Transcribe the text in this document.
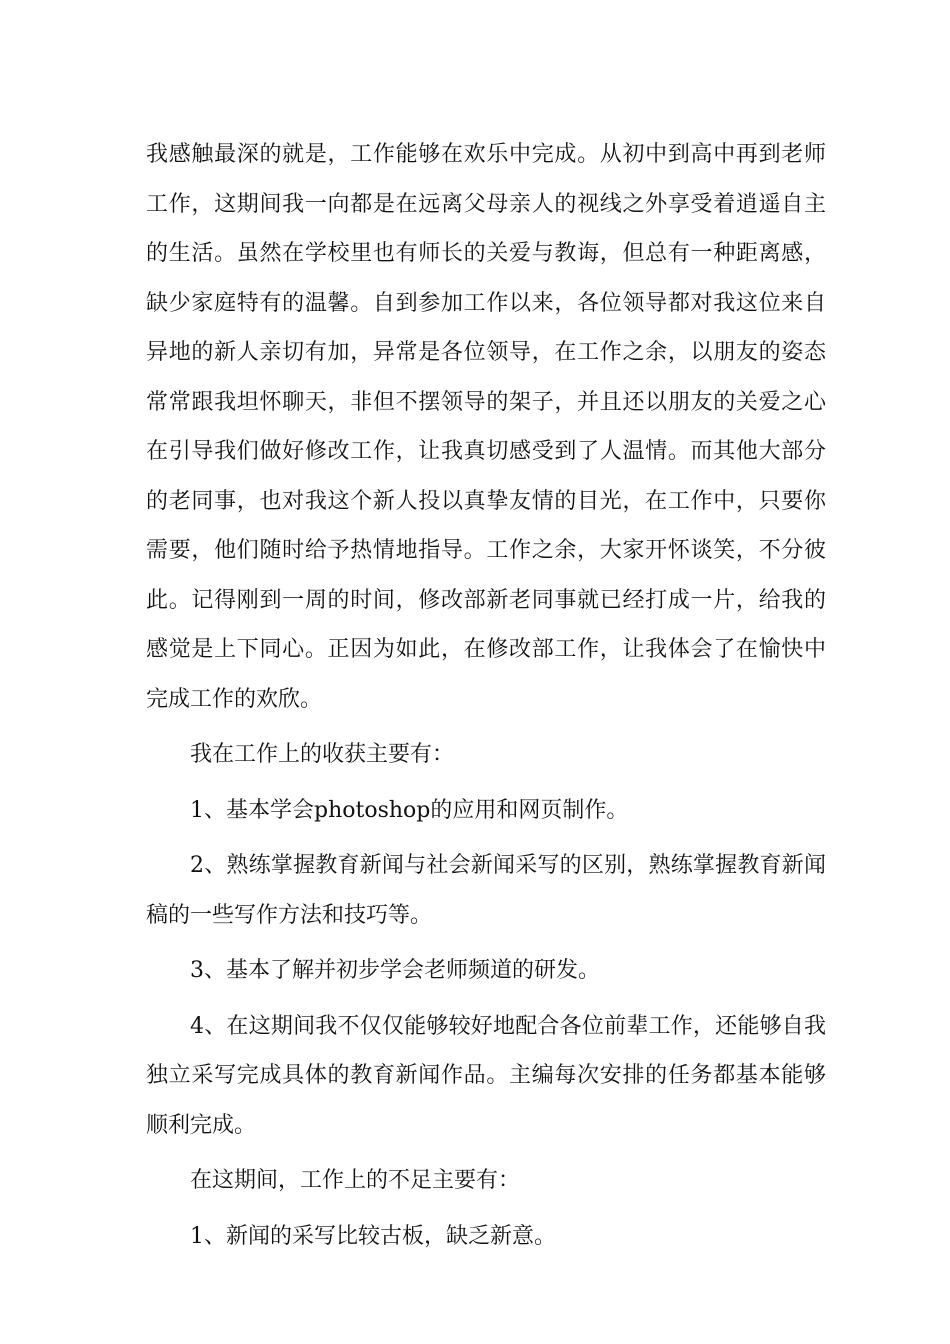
我感触最深的就是，工作能够在欢乐中完成。从初中到高中再到老师工作，这期间我一向都是在远离父母亲人的视线之外享受着逍遥自主的生活。虽然在学校里也有师长的关爱与教诲，但总有一种距离感，缺少家庭特有的温馨。自到参加工作以来，各位领导都对我这位来自异地的新人亲切有加，异常是各位领导，在工作之余，以朋友的姿态常常跟我坦怀聊天，非但不摆领导的架子，并且还以朋友的关爱之心在引导我们做好修改工作，让我真切感受到了人温情。而其他大部分的老同事，也对我这个新人投以真挚友情的目光，在工作中，只要你需要，他们随时给予热情地指导。工作之余，大家开怀谈笑，不分彼此。记得刚到一周的时间，修改部新老同事就已经打成一片，给我的感觉是上下同心。正因为如此，在修改部工作，让我体会了在愉快中完成工作的欢欣。

我在工作上的收获主要有：

1、基本学会photoshop的应用和网页制作。

2、熟练掌握教育新闻与社会新闻采写的区别，熟练掌握教育新闻稿的一些写作方法和技巧等。

3、基本了解并初步学会老师频道的研发。

4、在这期间我不仅仅能够较好地配合各位前辈工作，还能够自我独立采写完成具体的教育新闻作品。主编每次安排的任务都基本能够顺利完成。

在这期间，工作上的不足主要有：

1、新闻的采写比较古板，缺乏新意。
